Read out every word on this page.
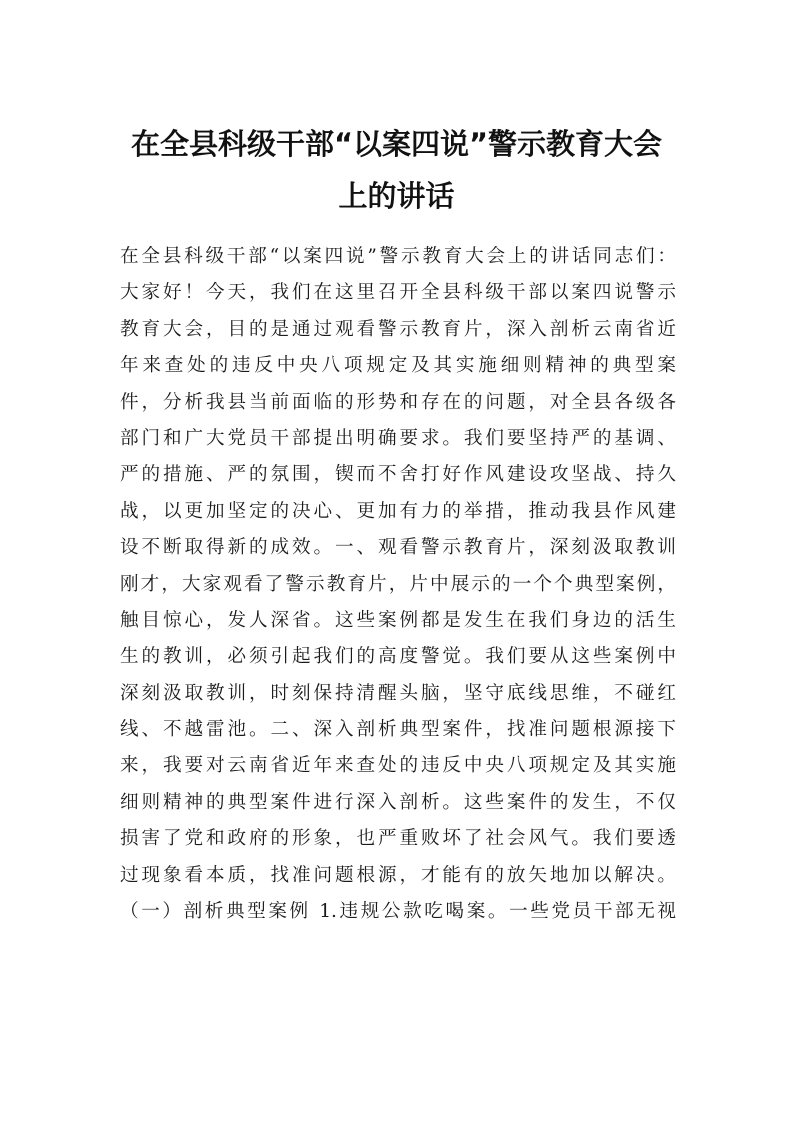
在全县科级干部“以案四说”警示教育大会
上的讲话
在全县科级干部“以案四说”警示教育大会上的讲话同志们：
大家好！今天，我们在这里召开全县科级干部以案四说警示
教育大会，目的是通过观看警示教育片，深入剖析云南省近
年来查处的违反中央八项规定及其实施细则精神的典型案
件，分析我县当前面临的形势和存在的问题，对全县各级各
部门和广大党员干部提出明确要求。我们要坚持严的基调、
严的措施、严的氛围，锲而不舍打好作风建设攻坚战、持久
战，以更加坚定的决心、更加有力的举措，推动我县作风建
设不断取得新的成效。一、观看警示教育片，深刻汲取教训
刚才，大家观看了警示教育片，片中展示的一个个典型案例，
触目惊心，发人深省。这些案例都是发生在我们身边的活生
生的教训，必须引起我们的高度警觉。我们要从这些案例中
深刻汲取教训，时刻保持清醒头脑，坚守底线思维，不碰红
线、不越雷池。二、深入剖析典型案件，找准问题根源接下
来，我要对云南省近年来查处的违反中央八项规定及其实施
细则精神的典型案件进行深入剖析。这些案件的发生，不仅
损害了党和政府的形象，也严重败坏了社会风气。我们要透
过现象看本质，找准问题根源，才能有的放矢地加以解决。
（一）剖析典型案例 1.违规公款吃喝案。一些党员干部无视
